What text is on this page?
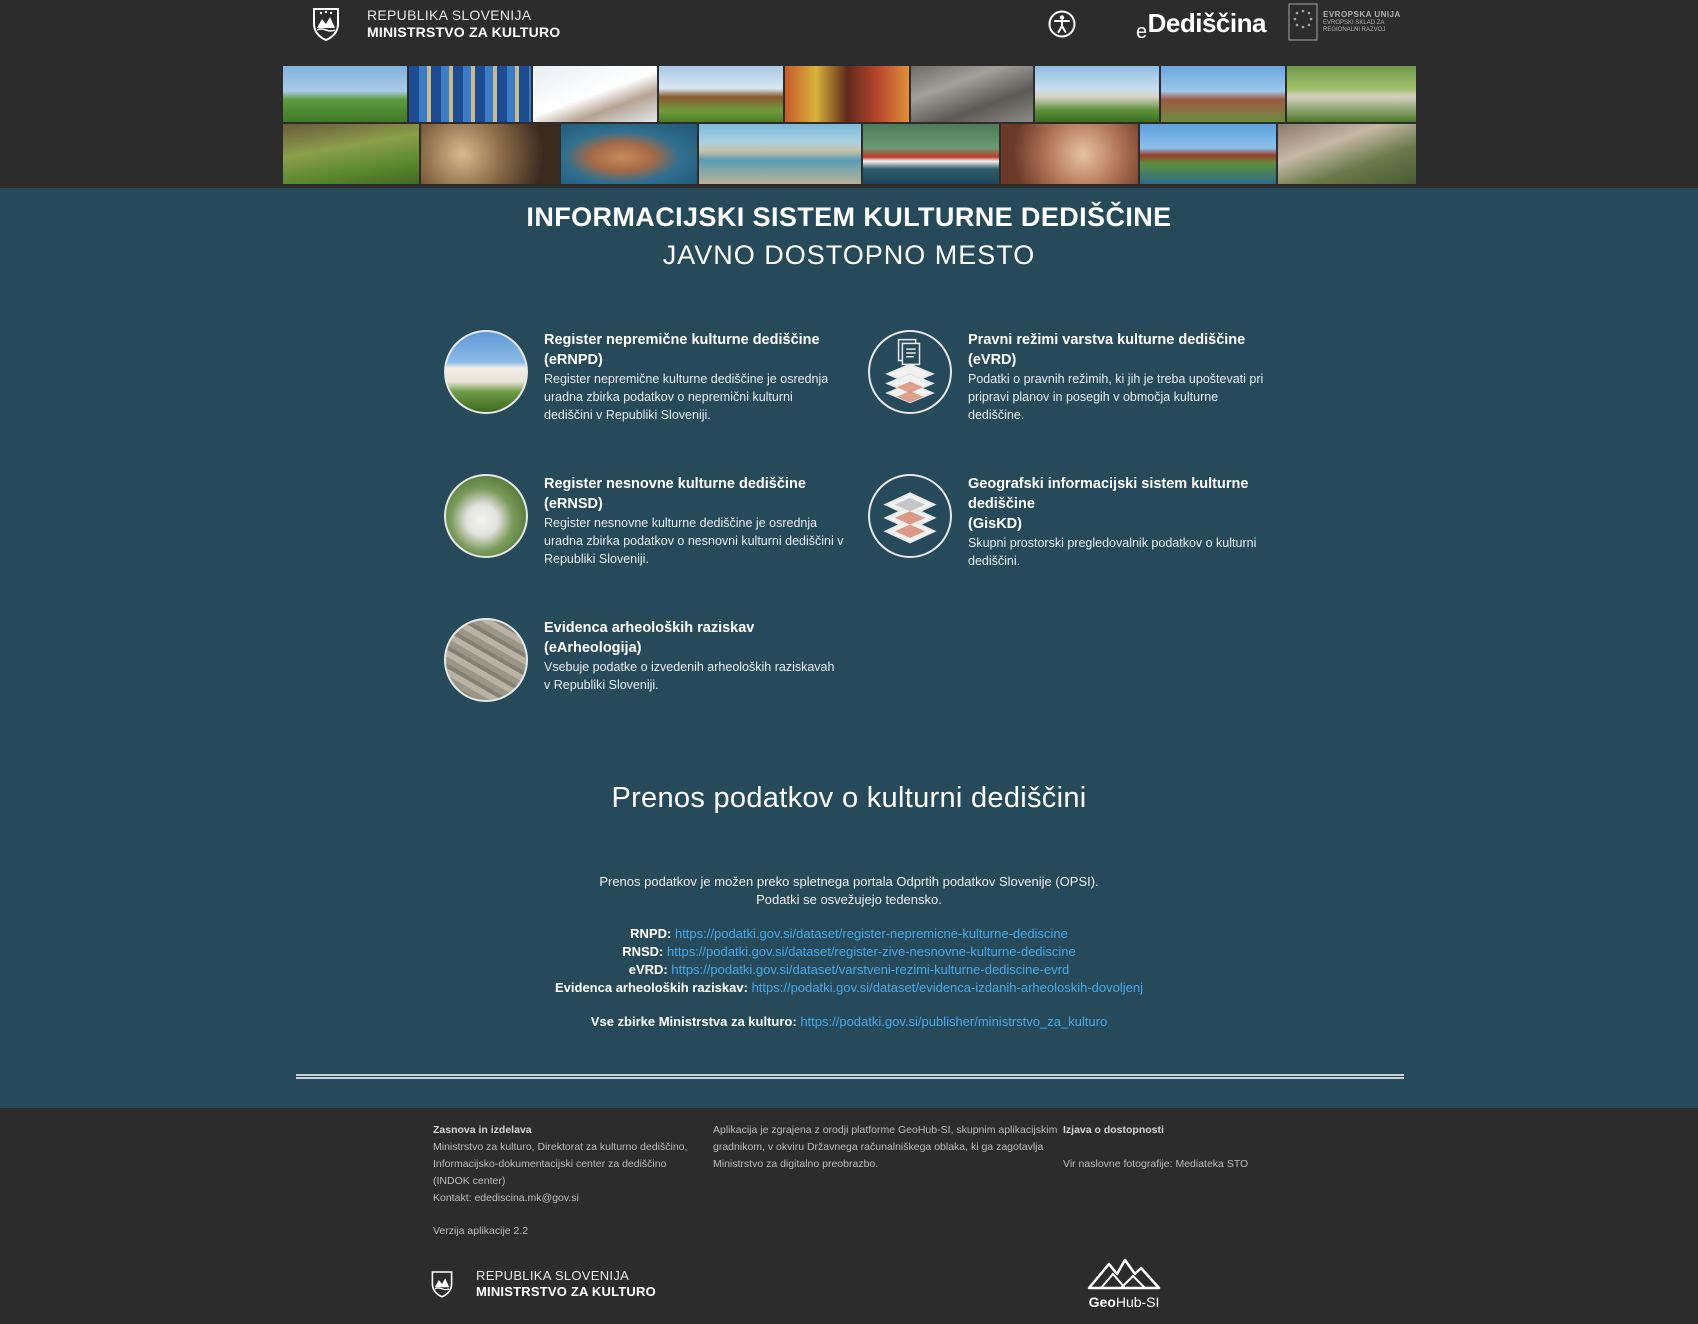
REPUBLIKA SLOVENIJA
MINISTRSTVO ZA KULTURO	$_e$Dediščina	EVROPSKA UNIJA
EVROPSKI SKLAD ZA
REGIONALNI RAZVOJ
INFORMACIJSKI SISTEM KULTURNE DEDIŠČINE
JAVNO DOSTOPNO MESTO
Register nepremične kulturne dediščine
(eRNPD)
Register nepremične kulturne dediščine je osrednja uradna zbirka podatkov o nepremični kulturni dediščini v Republiki Sloveniji.
Pravni režimi varstva kulturne dediščine
(eVRD)
Podatki o pravnih režimih, ki jih je treba upoštevati pri pripravi planov in posegih v območja kulturne dediščine.
Register nesnovne kulturne dediščine
(eRNSD)
Register nesnovne kulturne dediščine je osrednja uradna zbirka podatkov o nesnovni kulturni dediščini v Republiki Sloveniji.
Geografski informacijski sistem kulturne dediščine
(GisKD)
Skupni prostorski pregledovalnik podatkov o kulturni dediščini.
Evidenca arheoloških raziskav
(eArheologija)
Vsebuje podatke o izvedenih arheoloških raziskavah v Republiki Sloveniji.
Prenos podatkov o kulturni dediščini
Prenos podatkov je možen preko spletnega portala Odprtih podatkov Slovenije (OPSI).
Podatki se osvežujejo tedensko.
RNPD: https://podatki.gov.si/dataset/register-nepremicne-kulturne-dediscine
RNSD: https://podatki.gov.si/dataset/register-zive-nesnovne-kulturne-dediscine
eVRD: https://podatki.gov.si/dataset/varstveni-rezimi-kulturne-dediscine-evrd
Evidenca arheoloških raziskav: https://podatki.gov.si/dataset/evidenca-izdanih-arheoloskih-dovoljenj
Vse zbirke Ministrstva za kulturo: https://podatki.gov.si/publisher/ministrstvo_za_kulturo
Zasnova in izdelava
Ministrstvo za kulturo, Direktorat za kulturno dediščino,
Informacijsko-dokumentacijski center za dediščino
(INDOK center)
Kontakt: edediscina.mk@gov.si
Verzija aplikacije 2.2
Aplikacija je zgrajena z orodji platforme GeoHub-SI, skupnim aplikacijskim
gradnikom, v okviru Državnega računalniškega oblaka, ki ga zagotavlja
Ministrstvo za digitalno preobrazbo.
Izjava o dostopnosti
Vir naslovne fotografije: Mediateka STO
REPUBLIKA SLOVENIJA
MINISTRSTVO ZA KULTURO
GeoHub-SI
